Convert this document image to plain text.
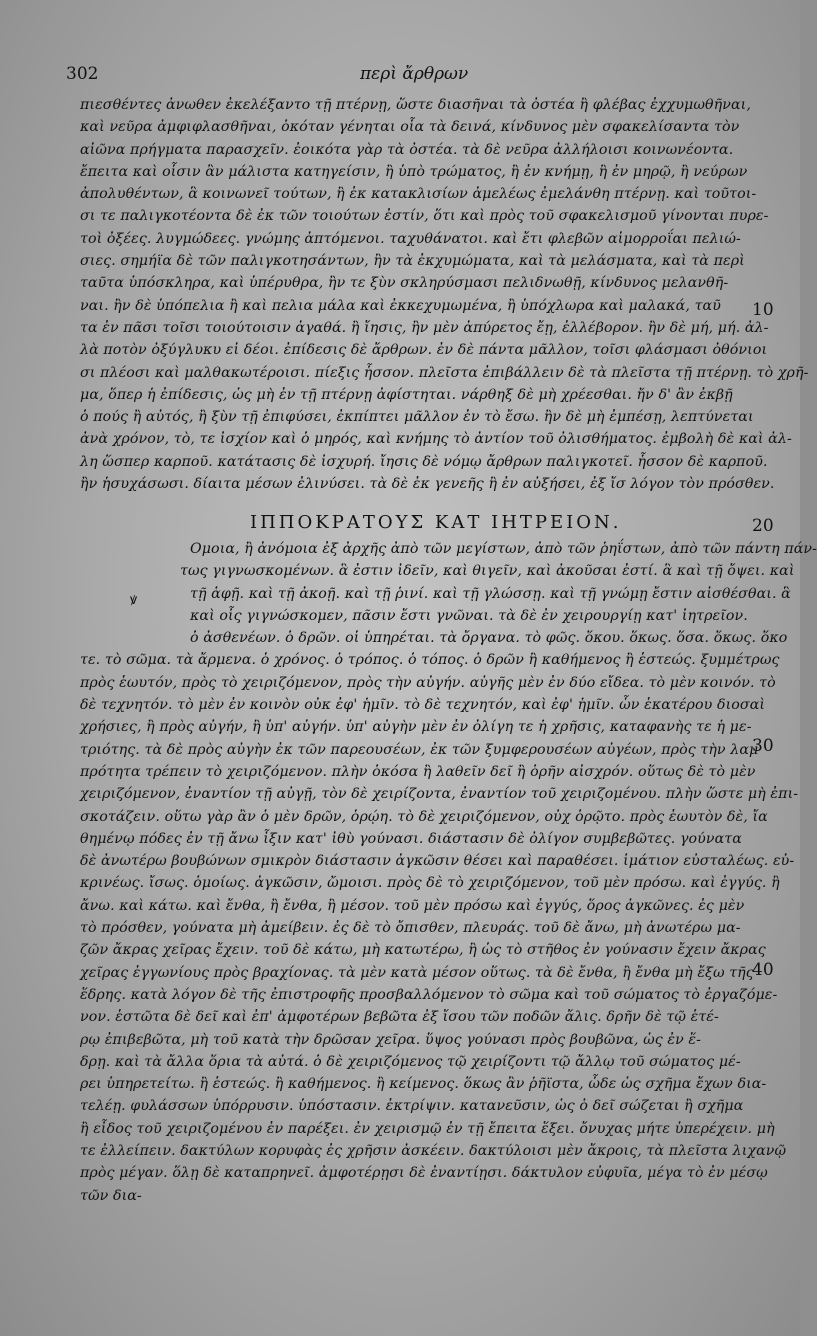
302	περὶ ἄρθρων
πιεσθέντες ἀνωθεν ἐκελέξαντο τῇ πτέρνῃ, ὥστε διασῆναι τὰ ὀστέα ἢ φλέβας ἐχχυμωθῆναι,
καὶ νεῦρα ἀμφιφλασθῆναι, ὁκόταν γένηται οἷα τὰ δεινά, κίνδυνος μὲν σφακελίσαντα τὸν
αἰῶνα πρήγματα παρασχεῖν. ἐοικότα γὰρ τὰ ὀστέα. τὰ δὲ νεῦρα ἀλλήλοισι κοινωνέοντα.
ἔπειτα καὶ οἷσιν ἂν μάλιστα κατηγείσιν, ἢ ὑπὸ τρώματος, ἢ ἐν κνήμῃ, ἢ ἐν μηρῷ, ἢ νεύρων
ἀπολυθέντων, ἃ κοινωνεῖ τούτων, ἢ ἐκ κατακλισίων ἀμελέως ἐμελάνθη πτέρνῃ. καὶ τοῦτοι-
σι τε παλιγκοτέοντα δὲ ἐκ τῶν τοιούτων ἐστίν, ὅτι καὶ πρὸς τοῦ σφακελισμοῦ γίνονται πυρε-
τοὶ ὀξέες. λυγμώδεες. γνώμης ἁπτόμενοι. ταχυθάνατοι. καὶ ἔτι φλεβῶν αἱμορροΐαι πελιώ-
σιες. σημήϊα δὲ τῶν παλιγκοτησάντων, ἢν τὰ ἐκχυμώματα, καὶ τὰ μελάσματα, καὶ τὰ περὶ
ταῦτα ὑπόσκληρα, καὶ ὑπέρυθρα, ἢν τε ξὺν σκληρύσμασι πελιδνωθῇ, κίνδυνος μελανθῆ-
ναι. ἢν δὲ ὑπόπελια ἢ καὶ πελια μάλα καὶ ἐκκεχυμωμένα, ἢ ὑπόχλωρα καὶ μαλακά, ταῦ
τα ἐν πᾶσι τοῖσι τοιούτοισιν ἀγαθά. ἢ ἴησις, ἢν μὲν ἀπύρετος ἔῃ, ἐλλέβορον. ἢν δὲ μή, μή. ἀλ-
λὰ ποτὸν ὀξύγλυκυ εἰ δέοι. ἐπίδεσις δὲ ἄρθρων. ἐν δὲ πάντα μᾶλλον, τοῖσι φλάσμασι ὀθόνιοι
σι πλέοσι καὶ μαλθακωτέροισι. πίεξις ἧσσον. πλεῖστα ἐπιβάλλειν δὲ τὰ πλεῖστα τῇ πτέρνῃ. τὸ χρῆ-
μα, ὅπερ ἡ ἐπίδεσις, ὡς μὴ ἐν τῇ πτέρνῃ ἀφίστηται. νάρθηξ δὲ μὴ χρέεσθαι. ἤν δ' ἂν ἐκβῇ
ὁ πούς ἢ αὐτός, ἢ ξὺν τῇ ἐπιφύσει, ἐκπίπτει μᾶλλον ἐν τὸ ἔσω. ἢν δὲ μὴ ἐμπέσῃ, λεπτύνεται
ἀνὰ χρόνον, τὸ, τε ἰσχίον καὶ ὁ μηρός, καὶ κνήμης τὸ ἀντίον τοῦ ὀλισθήματος. ἐμβολὴ δὲ καὶ ἀλ-
λη ὥσπερ καρποῦ. κατάτασις δὲ ἰσχυρή. ἴησις δὲ νόμῳ ἄρθρων παλιγκοτεῖ. ἧσσον δὲ καρποῦ.
ἢν ἡσυχάσωσι. δίαιτα μέσων ἐλινύσει. τὰ δὲ ἐκ γενεῆς ἢ ἐν αὐξήσει, ἐξ ἴσ λόγον τὸν πρόσθεν.
ΙΠΠΟΚΡΑΤΟΥΣ ΚΑΤ ΙΗΤΡΕΙΟΝ.
Ομοια, ἢ ἀνόμοια ἐξ ἀρχῆς ἀπὸ τῶν μεγίστων, ἀπὸ τῶν ῥηΐστων, ἀπὸ τῶν πάντη πάν-
τως γιγνωσκομένων. ἃ ἐστιν ἰδεῖν, καὶ θιγεῖν, καὶ ἀκοῦσαι ἐστί. ἃ καὶ τῇ ὄψει. καὶ
τῇ ἁφῇ. καὶ τῇ ἀκοῇ. καὶ τῇ ῥινί. καὶ τῇ γλώσσῃ. καὶ τῇ γνώμῃ ἔστιν αἰσθέσθαι. ἃ
καὶ οἷς γιγνώσκομεν, πᾶσιν ἔστι γνῶναι. τὰ δὲ ἐν χειρουργίῃ κατ' ἰητρεῖον.
ὁ ἀσθενέων. ὁ δρῶν. οἱ ὑπηρέται. τὰ ὄργανα. τὸ φῶς. ὅκου. ὅκως. ὅσα. ὅκως. ὅκο
τε. τὸ σῶμα. τὰ ἄρμενα. ὁ χρόνος. ὁ τρόπος. ὁ τόπος. ὁ δρῶν ἢ καθήμενος ἢ ἑστεώς. ξυμμέτρως
πρὸς ἑωυτόν, πρὸς τὸ χειριζόμενον, πρὸς τὴν αὐγήν. αὐγῆς μὲν ἐν δύο εἴδεα. τὸ μὲν κοινόν. τὸ
δὲ τεχνητόν. τὸ μὲν ἐν κοινὸν οὐκ ἐφ' ἡμῖν. τὸ δὲ τεχνητόν, καὶ ἐφ' ἡμῖν. ὧν ἑκατέρου διοσαὶ
χρήσιες, ἢ πρὸς αὐγήν, ἢ ὑπ' αὐγήν. ὑπ' αὐγὴν μὲν ἐν ὀλίγη τε ἡ χρῆσις, καταφανὴς τε ἡ με-
τριότης. τὰ δὲ πρὸς αὐγὴν ἐκ τῶν παρεουσέων, ἐκ τῶν ξυμφερουσέων αὐγέων, πρὸς τὴν λαμ
πρότητα τρέπειν τὸ χειριζόμενον. πλὴν ὁκόσα ἢ λαθεῖν δεῖ ἢ ὁρῆν αἰσχρόν. οὕτως δὲ τὸ μὲν
χειριζόμενον, ἐναντίον τῇ αὐγῇ, τὸν δὲ χειρίζοντα, ἐναντίον τοῦ χειριζομένου. πλὴν ὥστε μὴ ἐπι-
σκοτάζειν. οὕτω γὰρ ἂν ὁ μὲν δρῶν, ὁρῴη. τὸ δὲ χειριζόμενον, οὐχ ὁρῷτο. πρὸς ἑωυτὸν δὲ, ἴα
θημένῳ πόδες ἐν τῇ ἄνω ἶξιν κατ' ἰθὺ γούνασι. διάστασιν δὲ ὀλίγον συμβεβῶτες. γούνατα
δὲ ἀνωτέρω βουβώνων σμικρὸν διάστασιν ἀγκῶσιν θέσει καὶ παραθέσει. ἱμάτιον εὐσταλέως. εὐ-
κρινέως. ἴσως. ὁμοίως. ἀγκῶσιν, ὤμοισι. πρὸς δὲ τὸ χειριζόμενον, τοῦ μὲν πρόσω. καὶ ἐγγύς. ἢ
ἄνω. καὶ κάτω. καὶ ἔνθα, ἢ ἔνθα, ἢ μέσον. τοῦ μὲν πρόσω καὶ ἐγγύς, ὅρος ἀγκῶνες. ἐς μὲν
τὸ πρόσθεν, γούνατα μὴ ἀμείβειν. ἐς δὲ τὸ ὄπισθεν, πλευράς. τοῦ δὲ ἄνω, μὴ ἀνωτέρω μα-
ζῶν ἄκρας χεῖρας ἔχειν. τοῦ δὲ κάτω, μὴ κατωτέρω, ἢ ὡς τὸ στῆθος ἐν γούνασιν ἔχειν ἄκρας
χεῖρας ἐγγωνίους πρὸς βραχίονας. τὰ μὲν κατὰ μέσον οὕτως. τὰ δὲ ἔνθα, ἢ ἔνθα μὴ ἔξω τῆς
ἕδρης. κατὰ λόγον δὲ τῆς ἐπιστροφῆς προσβαλλόμενον τὸ σῶμα καὶ τοῦ σώματος τὸ ἐργαζόμε-
νον. ἑστῶτα δὲ δεῖ καὶ ἐπ' ἀμφοτέρων βεβῶτα ἐξ ἴσου τῶν ποδῶν ἄλις. δρῆν δὲ τῷ ἑτέ-
ρῳ ἐπιβεβῶτα, μὴ τοῦ κατὰ τὴν δρῶσαν χεῖρα. ὕψος γούνασι πρὸς βουβῶνα, ὡς ἐν ἕ-
δρῃ. καὶ τὰ ἄλλα ὅρια τὰ αὐτά. ὁ δὲ χειριζόμενος τῷ χειρίζοντι τῷ ἄλλῳ τοῦ σώματος μέ-
ρει ὑπηρετείτω. ἢ ἑστεώς. ἢ καθήμενος. ἢ κείμενος. ὅκως ἂν ῥῆϊστα, ὧδε ὡς σχῆμα ἔχων δια-
τελέῃ. φυλάσσων ὑπόρρυσιν. ὑπόστασιν. ἐκτρίψιν. κατανεῦσιν, ὡς ὁ δεῖ σώζεται ἢ σχῆμα
ἢ εἶδος τοῦ χειριζομένου ἐν παρέξει. ἐν χειρισμῷ ἐν τῇ ἔπειτα ἕξει. ὄνυχας μήτε ὑπερέχειν. μὴ
τε ἐλλείπειν. δακτύλων κορυφὰς ἐς χρῆσιν ἀσκέειν. δακτύλοισι μὲν ἄκροις, τὰ πλεῖστα λιχανῷ
πρὸς μέγαν. ὅλῃ δὲ καταπρηνεῖ. ἀμφοτέρῃσι δὲ ἐναντίῃσι. δάκτυλον εὐφυῖα, μέγα τὸ ἐν μέσῳ
τῶν δια-
ꝟ
10
20
30
40
